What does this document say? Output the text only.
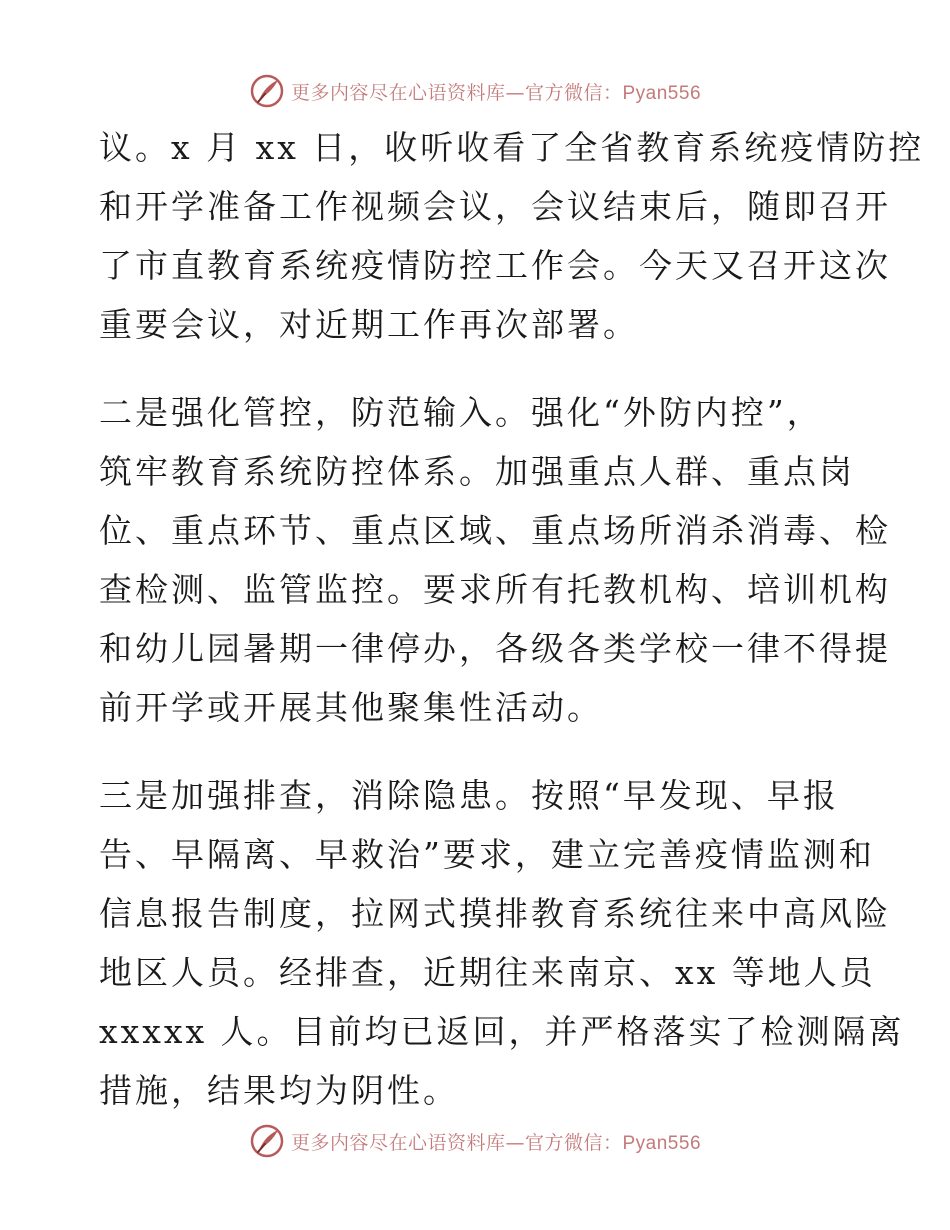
更多内容尽在心语资料库—官方微信：Pyan556
议。x 月 xx 日，收听收看了全省教育系统疫情防控
和开学准备工作视频会议，会议结束后，随即召开
了市直教育系统疫情防控工作会。今天又召开这次
重要会议，对近期工作再次部署。
二是强化管控，防范输入。强化“外防内控”，
筑牢教育系统防控体系。加强重点人群、重点岗
位、重点环节、重点区域、重点场所消杀消毒、检
查检测、监管监控。要求所有托教机构、培训机构
和幼儿园暑期一律停办，各级各类学校一律不得提
前开学或开展其他聚集性活动。
三是加强排查，消除隐患。按照“早发现、早报
告、早隔离、早救治”要求，建立完善疫情监测和
信息报告制度，拉网式摸排教育系统往来中高风险
地区人员。经排查，近期往来南京、xx 等地人员
xxxxx 人。目前均已返回，并严格落实了检测隔离
措施，结果均为阴性。
更多内容尽在心语资料库—官方微信：Pyan556
